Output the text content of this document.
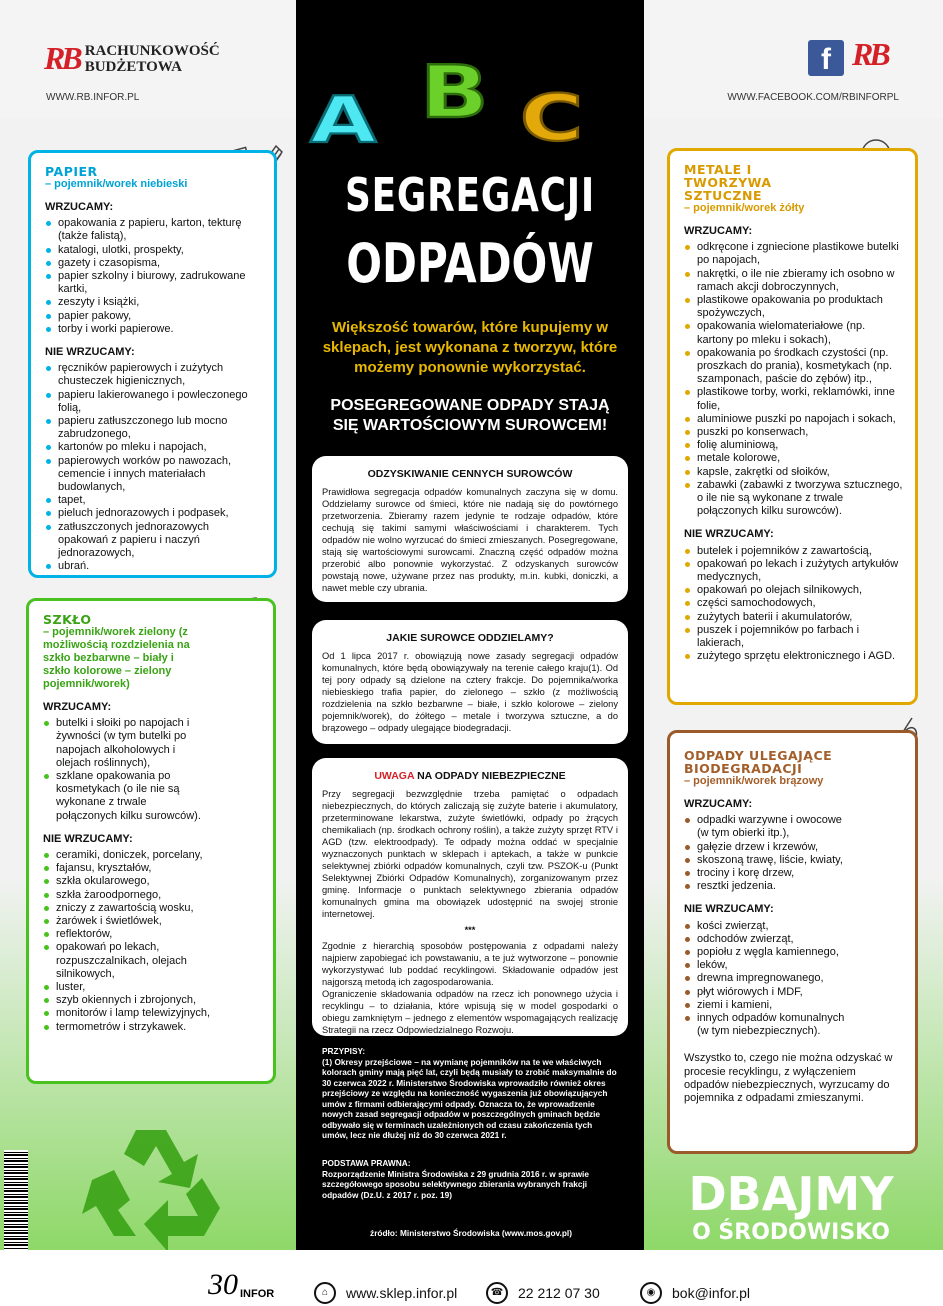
RB RACHUNKOWOŚĆ
BUDŻETOWA
WWW.RB.INFOR.PL
f RB
WWW.FACEBOOK.COM/RBINFORPL
PAPIER
– pojemnik/worek niebieski
WRZUCAMY:
opakowania z papieru, karton, tekturę (także falistą),
katalogi, ulotki, prospekty,
gazety i czasopisma,
papier szkolny i biurowy, zadrukowane kartki,
zeszyty i książki,
papier pakowy,
torby i worki papierowe.
NIE WRZUCAMY:
ręczników papierowych i zużytych chusteczek higienicznych,
papieru lakierowanego i powleczonego folią,
papieru zatłuszczonego lub mocno zabrudzonego,
kartonów po mleku i napojach,
papierowych worków po nawozach, cemencie i innych materiałach budowlanych,
tapet,
pieluch jednorazowych i podpasek,
zatłuszczonych jednorazowych opakowań z papieru i naczyń jednorazowych,
ubrań.
SZKŁO
– pojemnik/worek zielony (z możliwością rozdzielenia na szkło bezbarwne – biały i szkło kolorowe – zielony pojemnik/worek)
WRZUCAMY:
butelki i słoiki po napojach i żywności (w tym butelki po napojach alkoholowych i olejach roślinnych),
szklane opakowania po kosmetykach (o ile nie są wykonane z trwale połączonych kilku surowców).
NIE WRZUCAMY:
ceramiki, doniczek, porcelany,
fajansu, kryształów,
szkła okularowego,
szkła żaroodpornego,
zniczy z zawartością wosku,
żarówek i świetlówek,
reflektorów,
opakowań po lekach, rozpuszczalnikach, olejach silnikowych,
luster,
szyb okiennych i zbrojonych,
monitorów i lamp telewizyjnych,
termometrów i strzykawek.
METALE I TWORZYWA SZTUCZNE
– pojemnik/worek żółty
WRZUCAMY:
odkręcone i zgniecione plastikowe butelki po napojach,
nakrętki, o ile nie zbieramy ich osobno w ramach akcji dobroczynnych,
plastikowe opakowania po produktach spożywczych,
opakowania wielomateriałowe (np. kartony po mleku i sokach),
opakowania po środkach czystości (np. proszkach do prania), kosmetykach (np. szamponach, paście do zębów) itp.,
plastikowe torby, worki, reklamówki, inne folie,
aluminiowe puszki po napojach i sokach,
puszki po konserwach,
folię aluminiową,
metale kolorowe,
kapsle, zakrętki od słoików,
zabawki (zabawki z tworzywa sztucznego, o ile nie są wykonane z trwale połączonych kilku surowców).
NIE WRZUCAMY:
butelek i pojemników z zawartością,
opakowań po lekach i zużytych artykułów medycznych,
opakowań po olejach silnikowych,
części samochodowych,
zużytych baterii i akumulatorów,
puszek i pojemników po farbach i lakierach,
zużytego sprzętu elektronicznego i AGD.
ODPADY ULEGAJĄCE BIODEGRADACJI
– pojemnik/worek brązowy
WRZUCAMY:
odpadki warzywne i owocowe (w tym obierki itp.),
gałęzie drzew i krzewów,
skoszoną trawę, liście, kwiaty,
trociny i korę drzew,
resztki jedzenia.
NIE WRZUCAMY:
kości zwierząt,
odchodów zwierząt,
popiołu z węgla kamiennego,
leków,
drewna impregnowanego,
płyt wiórowych i MDF,
ziemi i kamieni,
innych odpadów komunalnych (w tym niebezpiecznych).
Wszystko to, czego nie można odzyskać w procesie recyklingu, z wyłączeniem odpadów niebezpiecznych, wyrzucamy do pojemnika z odpadami zmieszanymi.
A B C
SEGREGACJI
ODPADÓW
Większość towarów, które kupujemy w sklepach, jest wykonana z tworzyw, które możemy ponownie wykorzystać.
POSEGREGOWANE ODPADY STAJĄ SIĘ WARTOŚCIOWYM SUROWCEM!
ODZYSKIWANIE CENNYCH SUROWCÓW

Prawidłowa segregacja odpadów komunalnych zaczyna się w domu. Oddzielamy surowce od śmieci, które nie nadają się do powtórnego przetworzenia. Zbieramy razem jedynie te rodzaje odpadów, które cechują się takimi samymi właściwościami i charakterem. Tych odpadów nie wolno wyrzucać do śmieci zmieszanych. Posegregowane, stają się wartościowymi surowcami. Znaczną część odpadów można przerobić albo ponownie wykorzystać. Z odzyskanych surowców powstają nowe, używane przez nas produkty, m.in. kubki, doniczki, a nawet meble czy ubrania.

JAKIE SUROWCE ODDZIELAMY?

Od 1 lipca 2017 r. obowiązują nowe zasady segregacji odpadów komunalnych, które będą obowiązywały na terenie całego kraju(1). Od tej pory odpady są dzielone na cztery frakcje. Do pojemnika/worka niebieskiego trafia papier, do zielonego – szkło (z możliwością rozdzielenia na szkło bezbarwne – białe, i szkło kolorowe – zielony pojemnik/worek), do żółtego – metale i tworzywa sztuczne, a do brązowego – odpady ulegające biodegradacji.

UWAGA NA ODPADY NIEBEZPIECZNE

Przy segregacji bezwzględnie trzeba pamiętać o odpadach niebezpiecznych, do których zaliczają się zużyte baterie i akumulatory, przeterminowane lekarstwa, zużyte świetlówki, odpady po żrących chemikaliach (np. środkach ochrony roślin), a także zużyty sprzęt RTV i AGD (tzw. elektroodpady). Te odpady można oddać w specjalnie wyznaczonych punktach w sklepach i aptekach, a także w punkcie selektywnej zbiórki odpadów komunalnych, czyli tzw. PSZOK-u (Punkt Selektywnej Zbiórki Odpadów Komunalnych), zorganizowanym przez gminę. Informacje o punktach selektywnego zbierania odpadów komunalnych gmina ma obowiązek udostępnić na swojej stronie internetowej.

***

Zgodnie z hierarchią sposobów postępowania z odpadami należy najpierw zapobiegać ich powstawaniu, a te już wytworzone – ponownie wykorzystywać lub poddać recyklingowi. Składowanie odpadów jest najgorszą metodą ich zagospodarowania.

Ograniczenie składowania odpadów na rzecz ich ponownego użycia i recyklingu – to działania, które wpisują się w model gospodarki o obiegu zamkniętym – jednego z elementów wspomagających realizację Strategii na rzecz Odpowiedzialnego Rozwoju.

PRZYPISY:
(1) Okresy przejściowe – na wymianę pojemników na te we właściwych kolorach gminy mają pięć lat, czyli będą musiały to zrobić maksymalnie do 30 czerwca 2022 r. Ministerstwo Środowiska wprowadziło również okres przejściowy ze względu na konieczność wygaszenia już obowiązujących umów z firmami odbierającymi odpady. Oznacza to, że wprowadzenie nowych zasad segregacji odpadów w poszczególnych gminach będzie odbywało się w terminach uzależnionych od czasu zakończenia tych umów, lecz nie dłużej niż do 30 czerwca 2021 r.
PODSTAWA PRAWNA:
Rozporządzenie Ministra Środowiska z 29 grudnia 2016 r. w sprawie szczegółowego sposobu selektywnego zbierania wybranych frakcji odpadów (Dz.U. z 2017 r. poz. 19)
źródło: Ministerstwo Środowiska (www.mos.gov.pl)
DBAJMY
O ŚRODOWISKO
30 INFOR	⌂	www.sklep.infor.pl	☎	22 212 07 30	◉	bok@infor.pl
